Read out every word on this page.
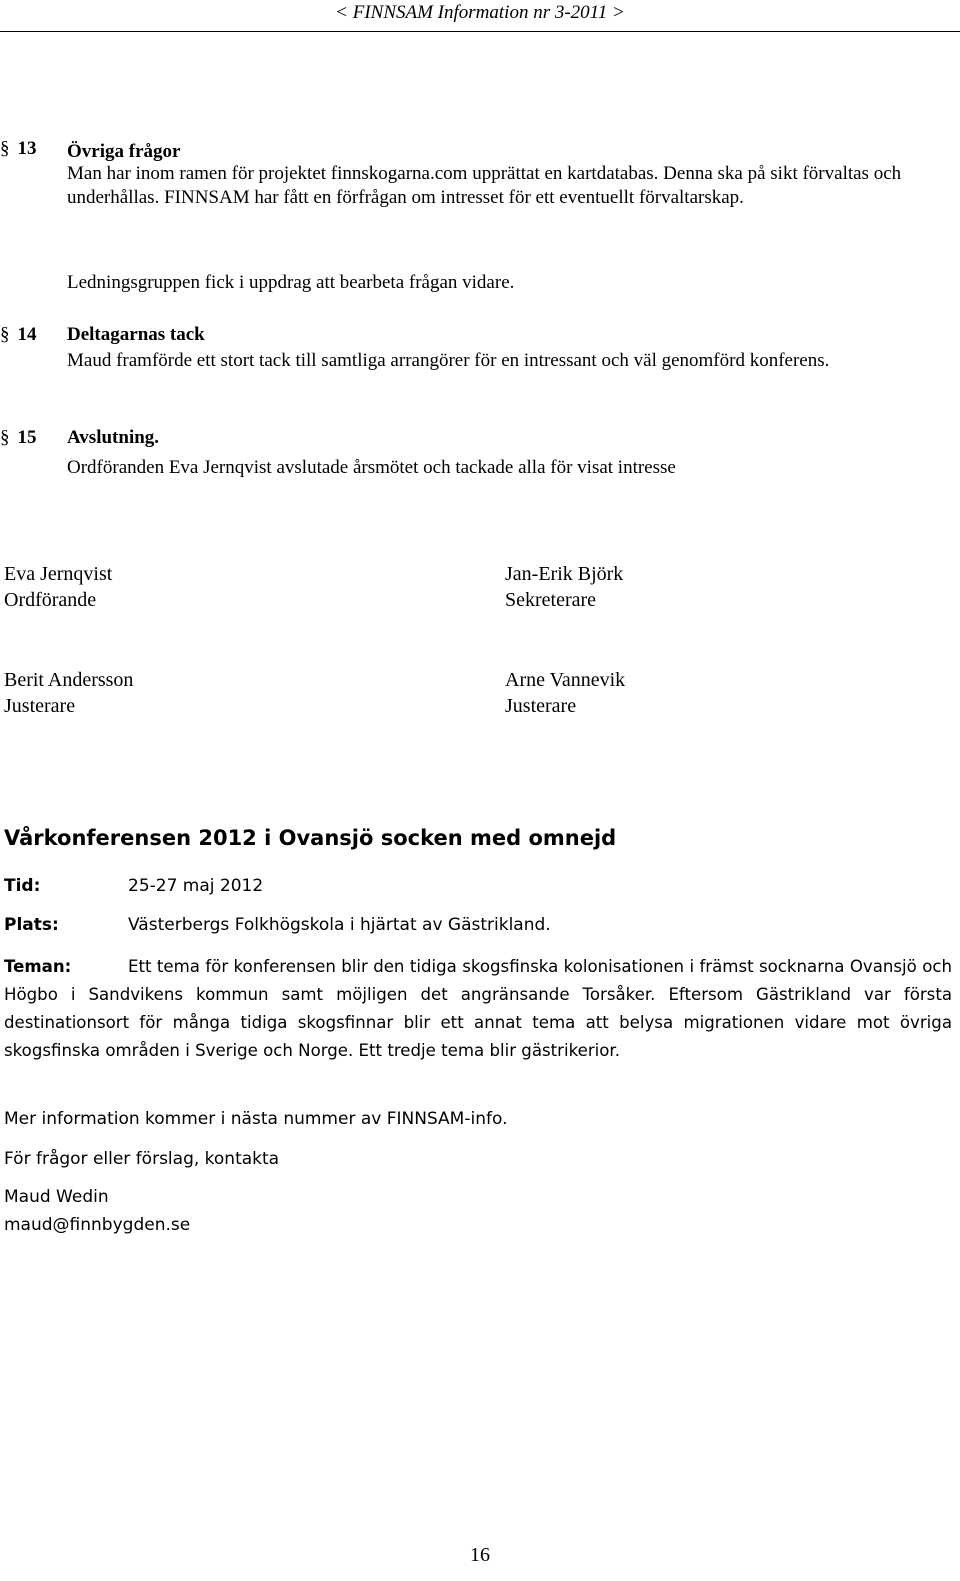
< FINNSAM Information nr 3-2011 >
§ 13 Övriga frågor
Man har inom ramen för projektet finnskogarna.com upprättat en kartdatabas. Denna ska på sikt förvaltas och underhållas. FINNSAM har fått en förfrågan om intresset för ett eventuellt förvaltarskap.
Ledningsgruppen fick i uppdrag att bearbeta frågan vidare.
§ 14 Deltagarnas tack
Maud framförde ett stort tack till samtliga arrangörer för en intressant och väl genomförd konferens.
§ 15 Avslutning.
Ordföranden Eva Jernqvist avslutade årsmötet och tackade alla för visat intresse
Eva Jernqvist
Ordförande
Jan-Erik Björk
Sekreterare
Berit Andersson
Justerare
Arne Vannevik
Justerare
Vårkonferensen 2012 i Ovansjö socken med omnejd
Tid:	25-27 maj 2012
Plats:	Västerbergs Folkhögskola i hjärtat av Gästrikland.
Teman:	Ett tema för konferensen blir den tidiga skogsfinska kolonisationen i främst socknarna Ovansjö och Högbo i Sandvikens kommun samt möjligen det angränsande Torsåker. Eftersom Gästrikland var första destinationsort för många tidiga skogsfinnar blir ett annat tema att belysa migrationen vidare mot övriga skogsfinska områden i Sverige och Norge. Ett tredje tema blir gästrikerior.
Mer information kommer i nästa nummer av FINNSAM-info.
För frågor eller förslag, kontakta
Maud Wedin
maud@finnbygden.se
16
